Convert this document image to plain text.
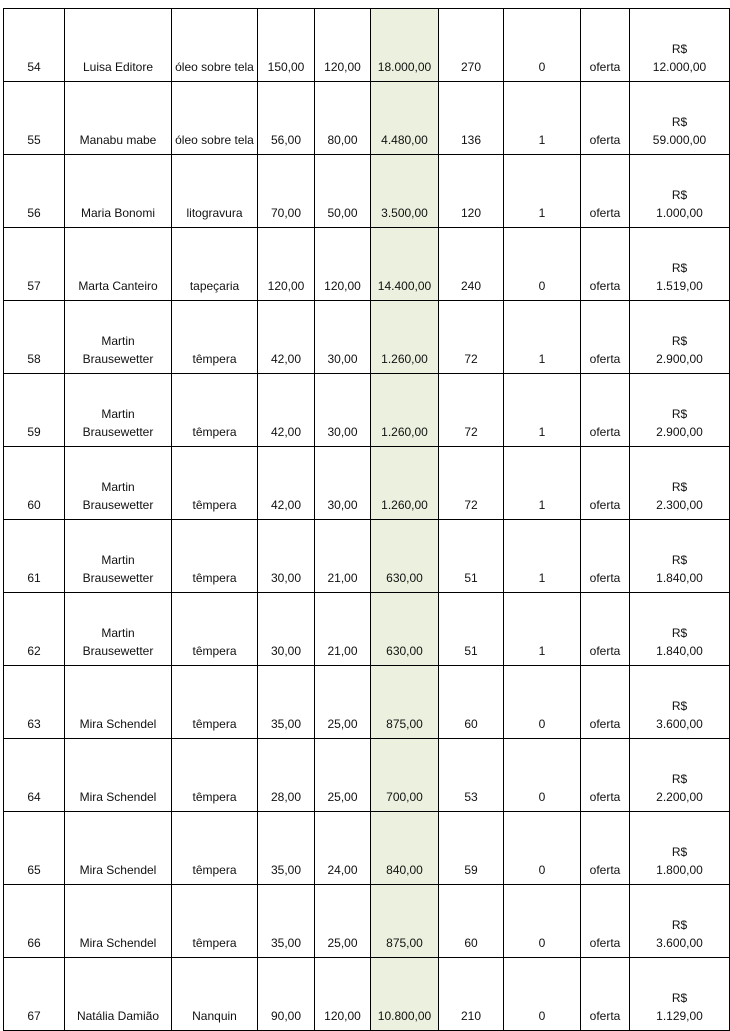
54	Luisa Editore	óleo sobre tela	150,00	120,00	18.000,00	270	0	oferta	R$
12.000,00

55	Manabu mabe	óleo sobre tela	56,00	80,00	4.480,00	136	1	oferta	R$
59.000,00

56	Maria Bonomi	litogravura	70,00	50,00	3.500,00	120	1	oferta	R$
1.000,00

57	Marta Canteiro	tapeçaria	120,00	120,00	14.400,00	240	0	oferta	R$
1.519,00

58	Martin Brausewetter	têmpera	42,00	30,00	1.260,00	72	1	oferta	R$
2.900,00

59	Martin Brausewetter	têmpera	42,00	30,00	1.260,00	72	1	oferta	R$
2.900,00

60	Martin Brausewetter	têmpera	42,00	30,00	1.260,00	72	1	oferta	R$
2.300,00

61	Martin Brausewetter	têmpera	30,00	21,00	630,00	51	1	oferta	R$
1.840,00

62	Martin Brausewetter	têmpera	30,00	21,00	630,00	51	1	oferta	R$
1.840,00

63	Mira Schendel	têmpera	35,00	25,00	875,00	60	0	oferta	R$
3.600,00

64	Mira Schendel	têmpera	28,00	25,00	700,00	53	0	oferta	R$
2.200,00

65	Mira Schendel	têmpera	35,00	24,00	840,00	59	0	oferta	R$
1.800,00

66	Mira Schendel	têmpera	35,00	25,00	875,00	60	0	oferta	R$
3.600,00

67	Natália Damião	Nanquin	90,00	120,00	10.800,00	210	0	oferta	R$
1.129,00
